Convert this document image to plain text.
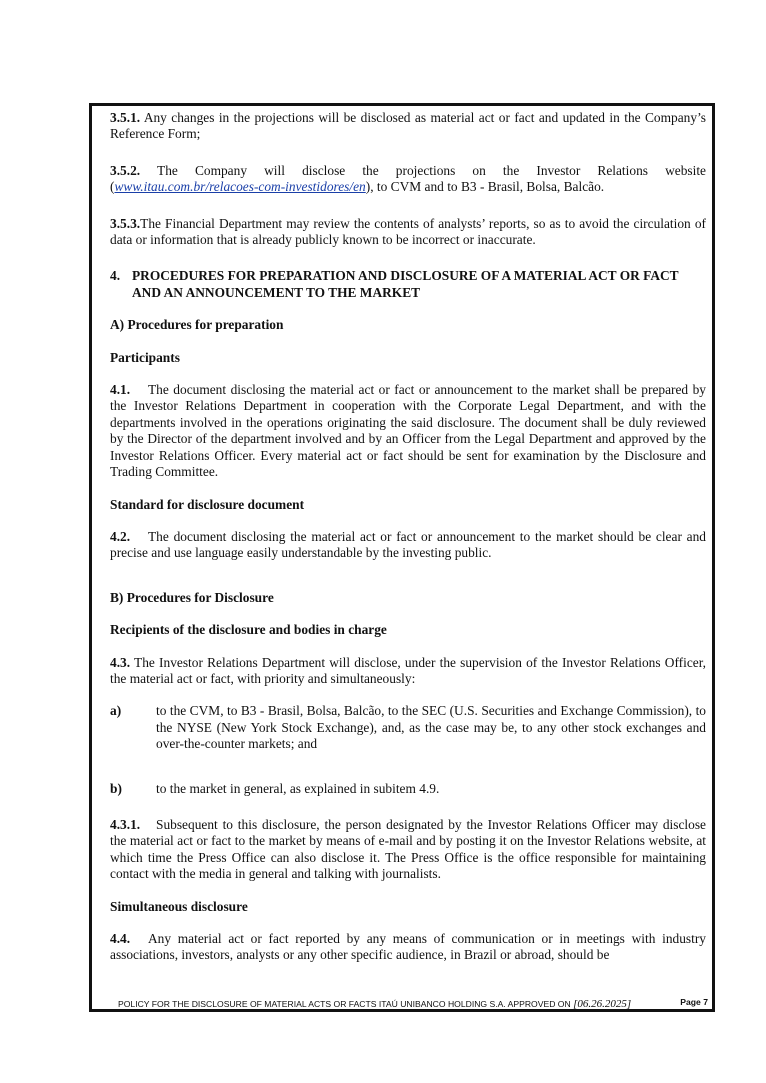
3.5.1. Any changes in the projections will be disclosed as material act or fact and updated in the Company’s Reference Form;

3.5.2. The Company will disclose the projections on the Investor Relations website (www.itau.com.br/relacoes-com-investidores/en), to CVM and to B3 - Brasil, Bolsa, Balcão.

3.5.3.The Financial Department may review the contents of analysts’ reports, so as to avoid the circulation of data or information that is already publicly known to be incorrect or inaccurate.

4. PROCEDURES FOR PREPARATION AND DISCLOSURE OF A MATERIAL ACT OR FACT AND AN ANNOUNCEMENT TO THE MARKET

A) Procedures for preparation

Participants

4.1. The document disclosing the material act or fact or announcement to the market shall be prepared by the Investor Relations Department in cooperation with the Corporate Legal Department, and with the departments involved in the operations originating the said disclosure. The document shall be duly reviewed by the Director of the department involved and by an Officer from the Legal Department and approved by the Investor Relations Officer. Every material act or fact should be sent for examination by the Disclosure and Trading Committee.

Standard for disclosure document

4.2. The document disclosing the material act or fact or announcement to the market should be clear and precise and use language easily understandable by the investing public.

B) Procedures for Disclosure

Recipients of the disclosure and bodies in charge

4.3. The Investor Relations Department will disclose, under the supervision of the Investor Relations Officer, the material act or fact, with priority and simultaneously:

a)	to the CVM, to B3 - Brasil, Bolsa, Balcão, to the SEC (U.S. Securities and Exchange Commission), to the NYSE (New York Stock Exchange), and, as the case may be, to any other stock exchanges and over-the-counter markets; and
b)	to the market in general, as explained in subitem 4.9.

4.3.1. Subsequent to this disclosure, the person designated by the Investor Relations Officer may disclose the material act or fact to the market by means of e-mail and by posting it on the Investor Relations website, at which time the Press Office can also disclose it. The Press Office is the office responsible for maintaining contact with the media in general and talking with journalists.

Simultaneous disclosure

4.4. Any material act or fact reported by any means of communication or in meetings with industry associations, investors, analysts or any other specific audience, in Brazil or abroad, should be

POLICY FOR THE DISCLOSURE OF MATERIAL ACTS OR FACTS ITAÚ UNIBANCO HOLDING S.A. APPROVED ON [06.26.2025]	Page 7
